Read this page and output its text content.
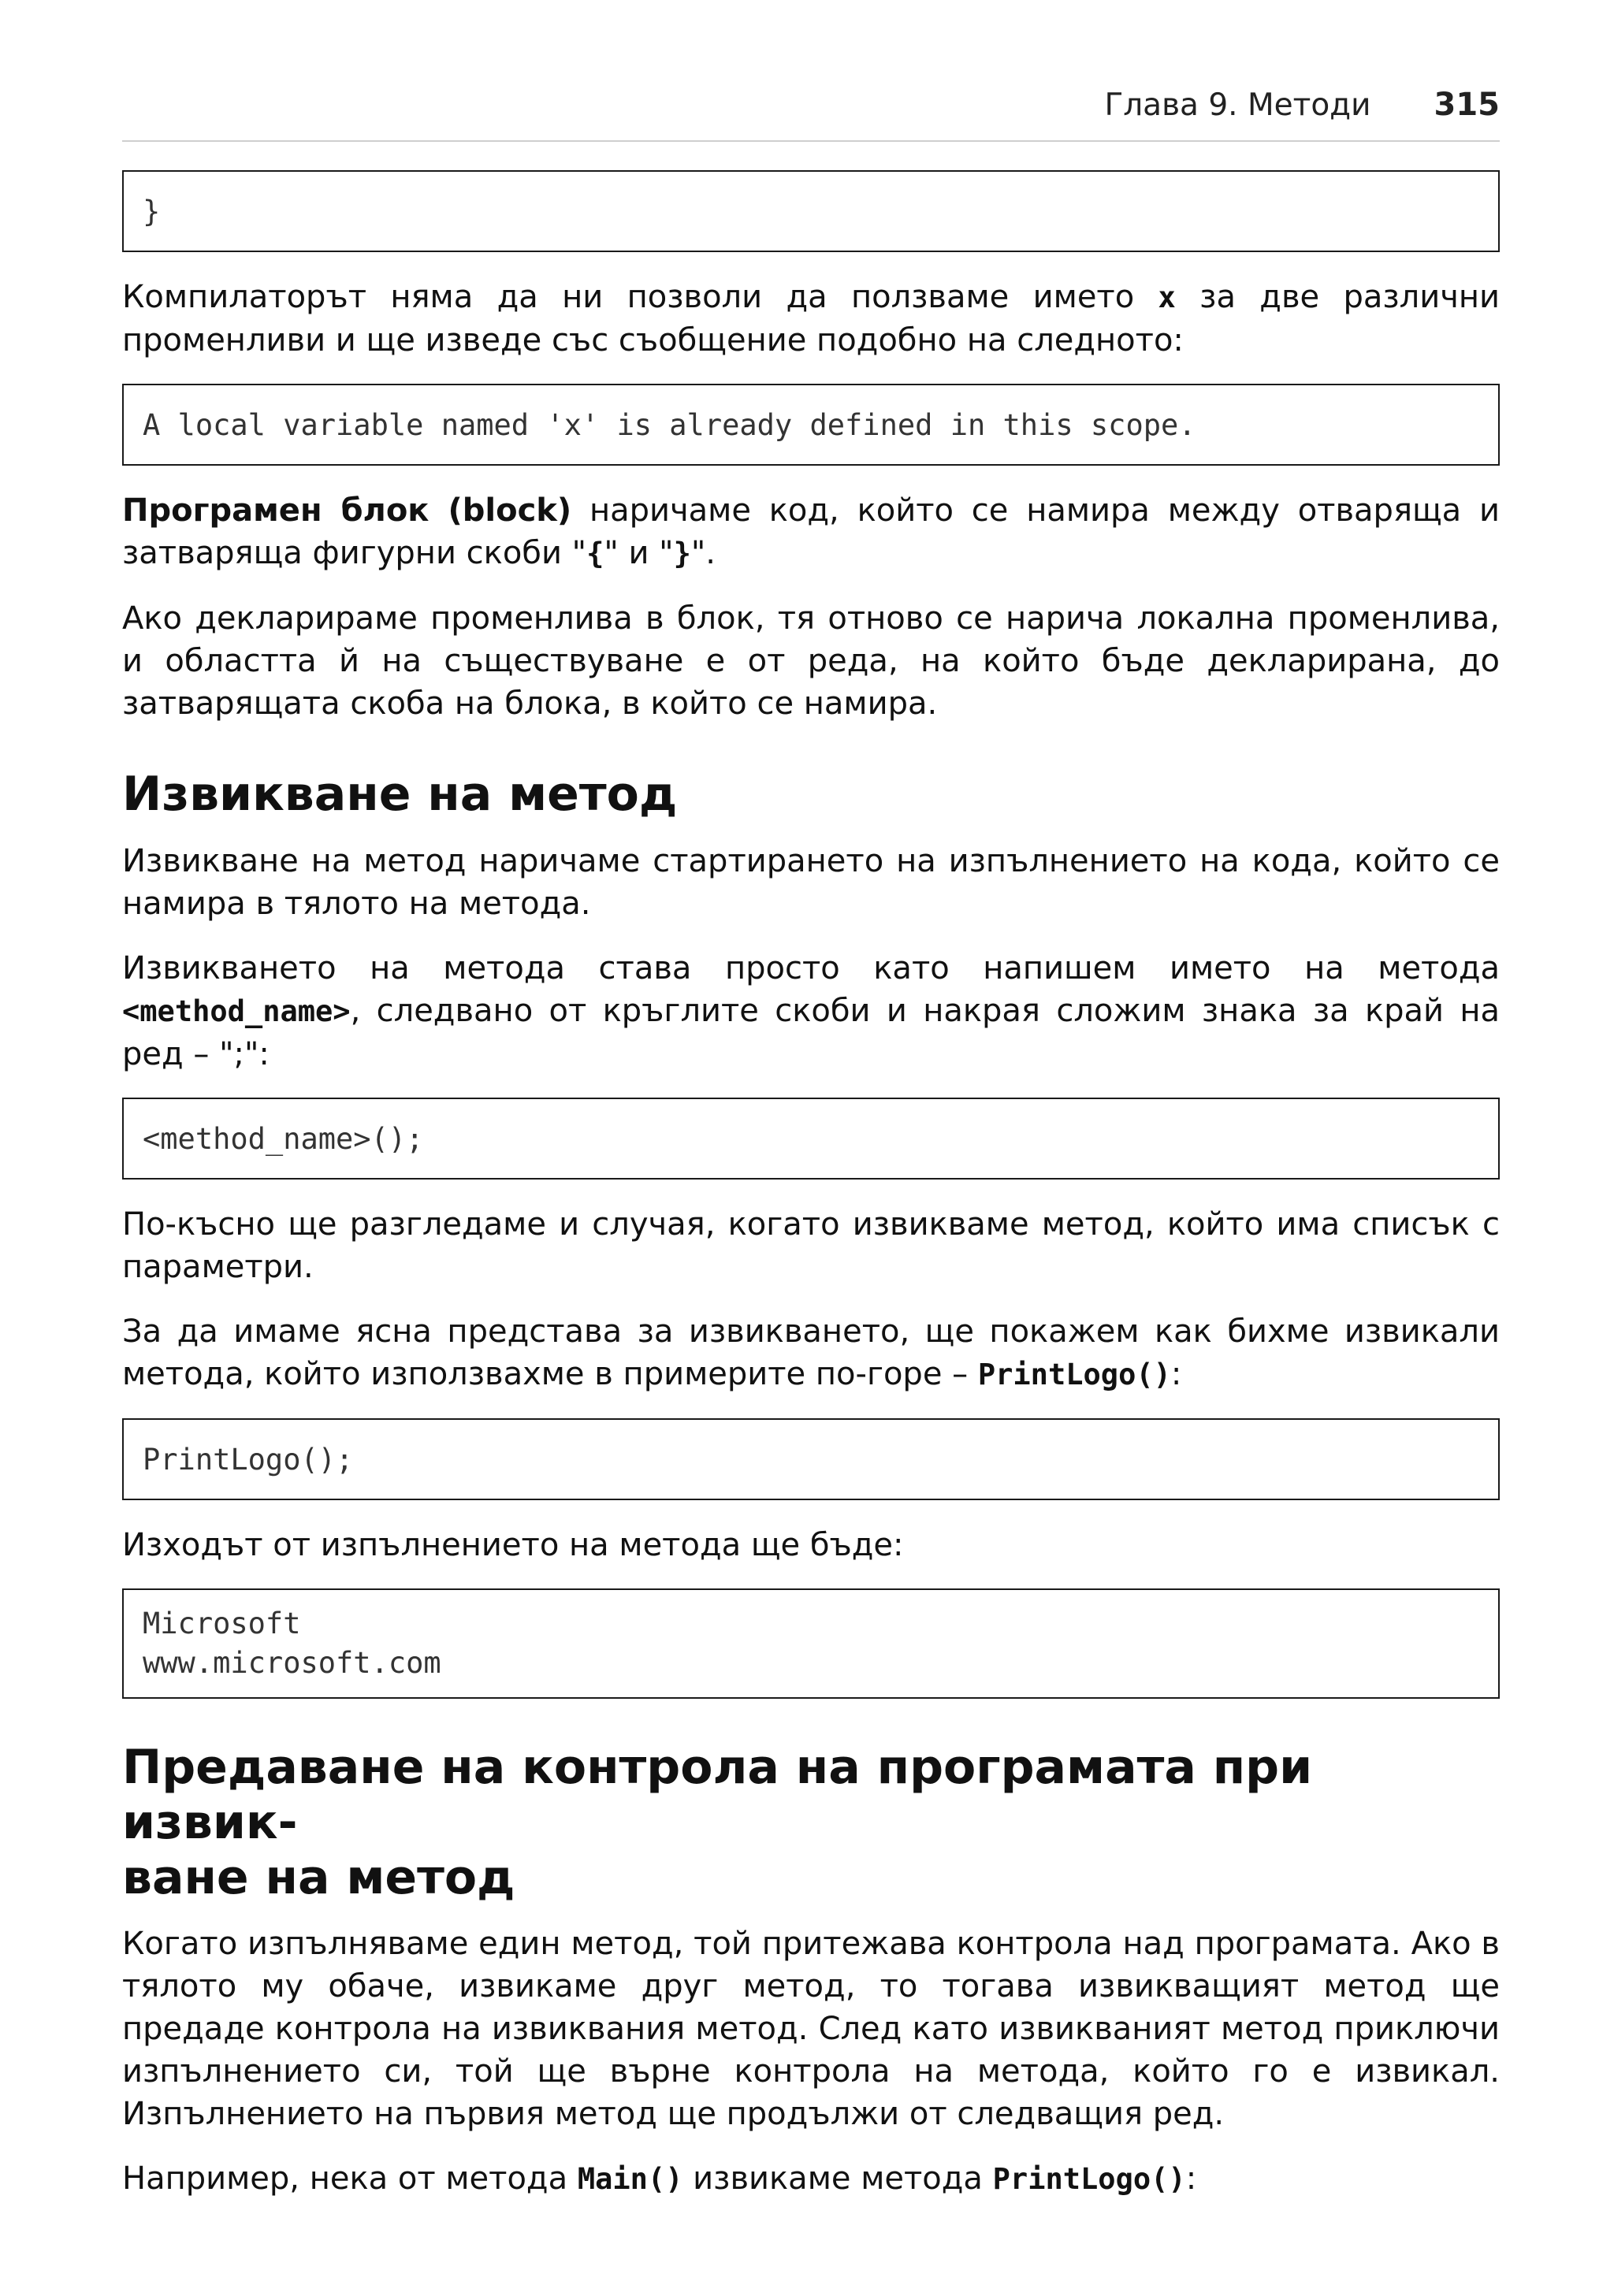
Глава 9. Методи 315
}

Компилаторът няма да ни позволи да ползваме името x за две различни променливи и ще изведе със съобщение подобно на следното:

A local variable named 'x' is already defined in this scope.

Програмен блок (block) наричаме код, който се намира между отваряща и затваряща фигурни скоби "{" и "}".

Ако декларираме променлива в блок, тя отново се нарича локална променлива, и областта й на съществуване е от реда, на който бъде декларирана, до затварящата скоба на блока, в който се намира.

Извикване на метод

Извикване на метод наричаме стартирането на изпълнението на кода, който се намира в тялото на метода.

Извикването на метода става просто като напишем името на метода <method_name>, следвано от кръглите скоби и накрая сложим знака за край на ред – ";":

<method_name>();

По-късно ще разгледаме и случая, когато извикваме метод, който има списък с параметри.

За да имаме ясна представа за извикването, ще покажем как бихме извикали метода, който използвахме в примерите по-горе – PrintLogo():

PrintLogo();

Изходът от изпълнението на метода ще бъде:

Microsoft
www.microsoft.com
Предаване на контрола на програмата при извик-
ване на метод

Когато изпълняваме един метод, той притежава контрола над програмата. Ако в тялото му обаче, извикаме друг метод, то тогава извикващият метод ще предаде контрола на извиквания метод. След като извикваният метод приключи изпълнението си, той ще върне контрола на метода, който го е извикал. Изпълнението на първия метод ще продължи от следващия ред.

Например, нека от метода Main() извикаме метода PrintLogo():
